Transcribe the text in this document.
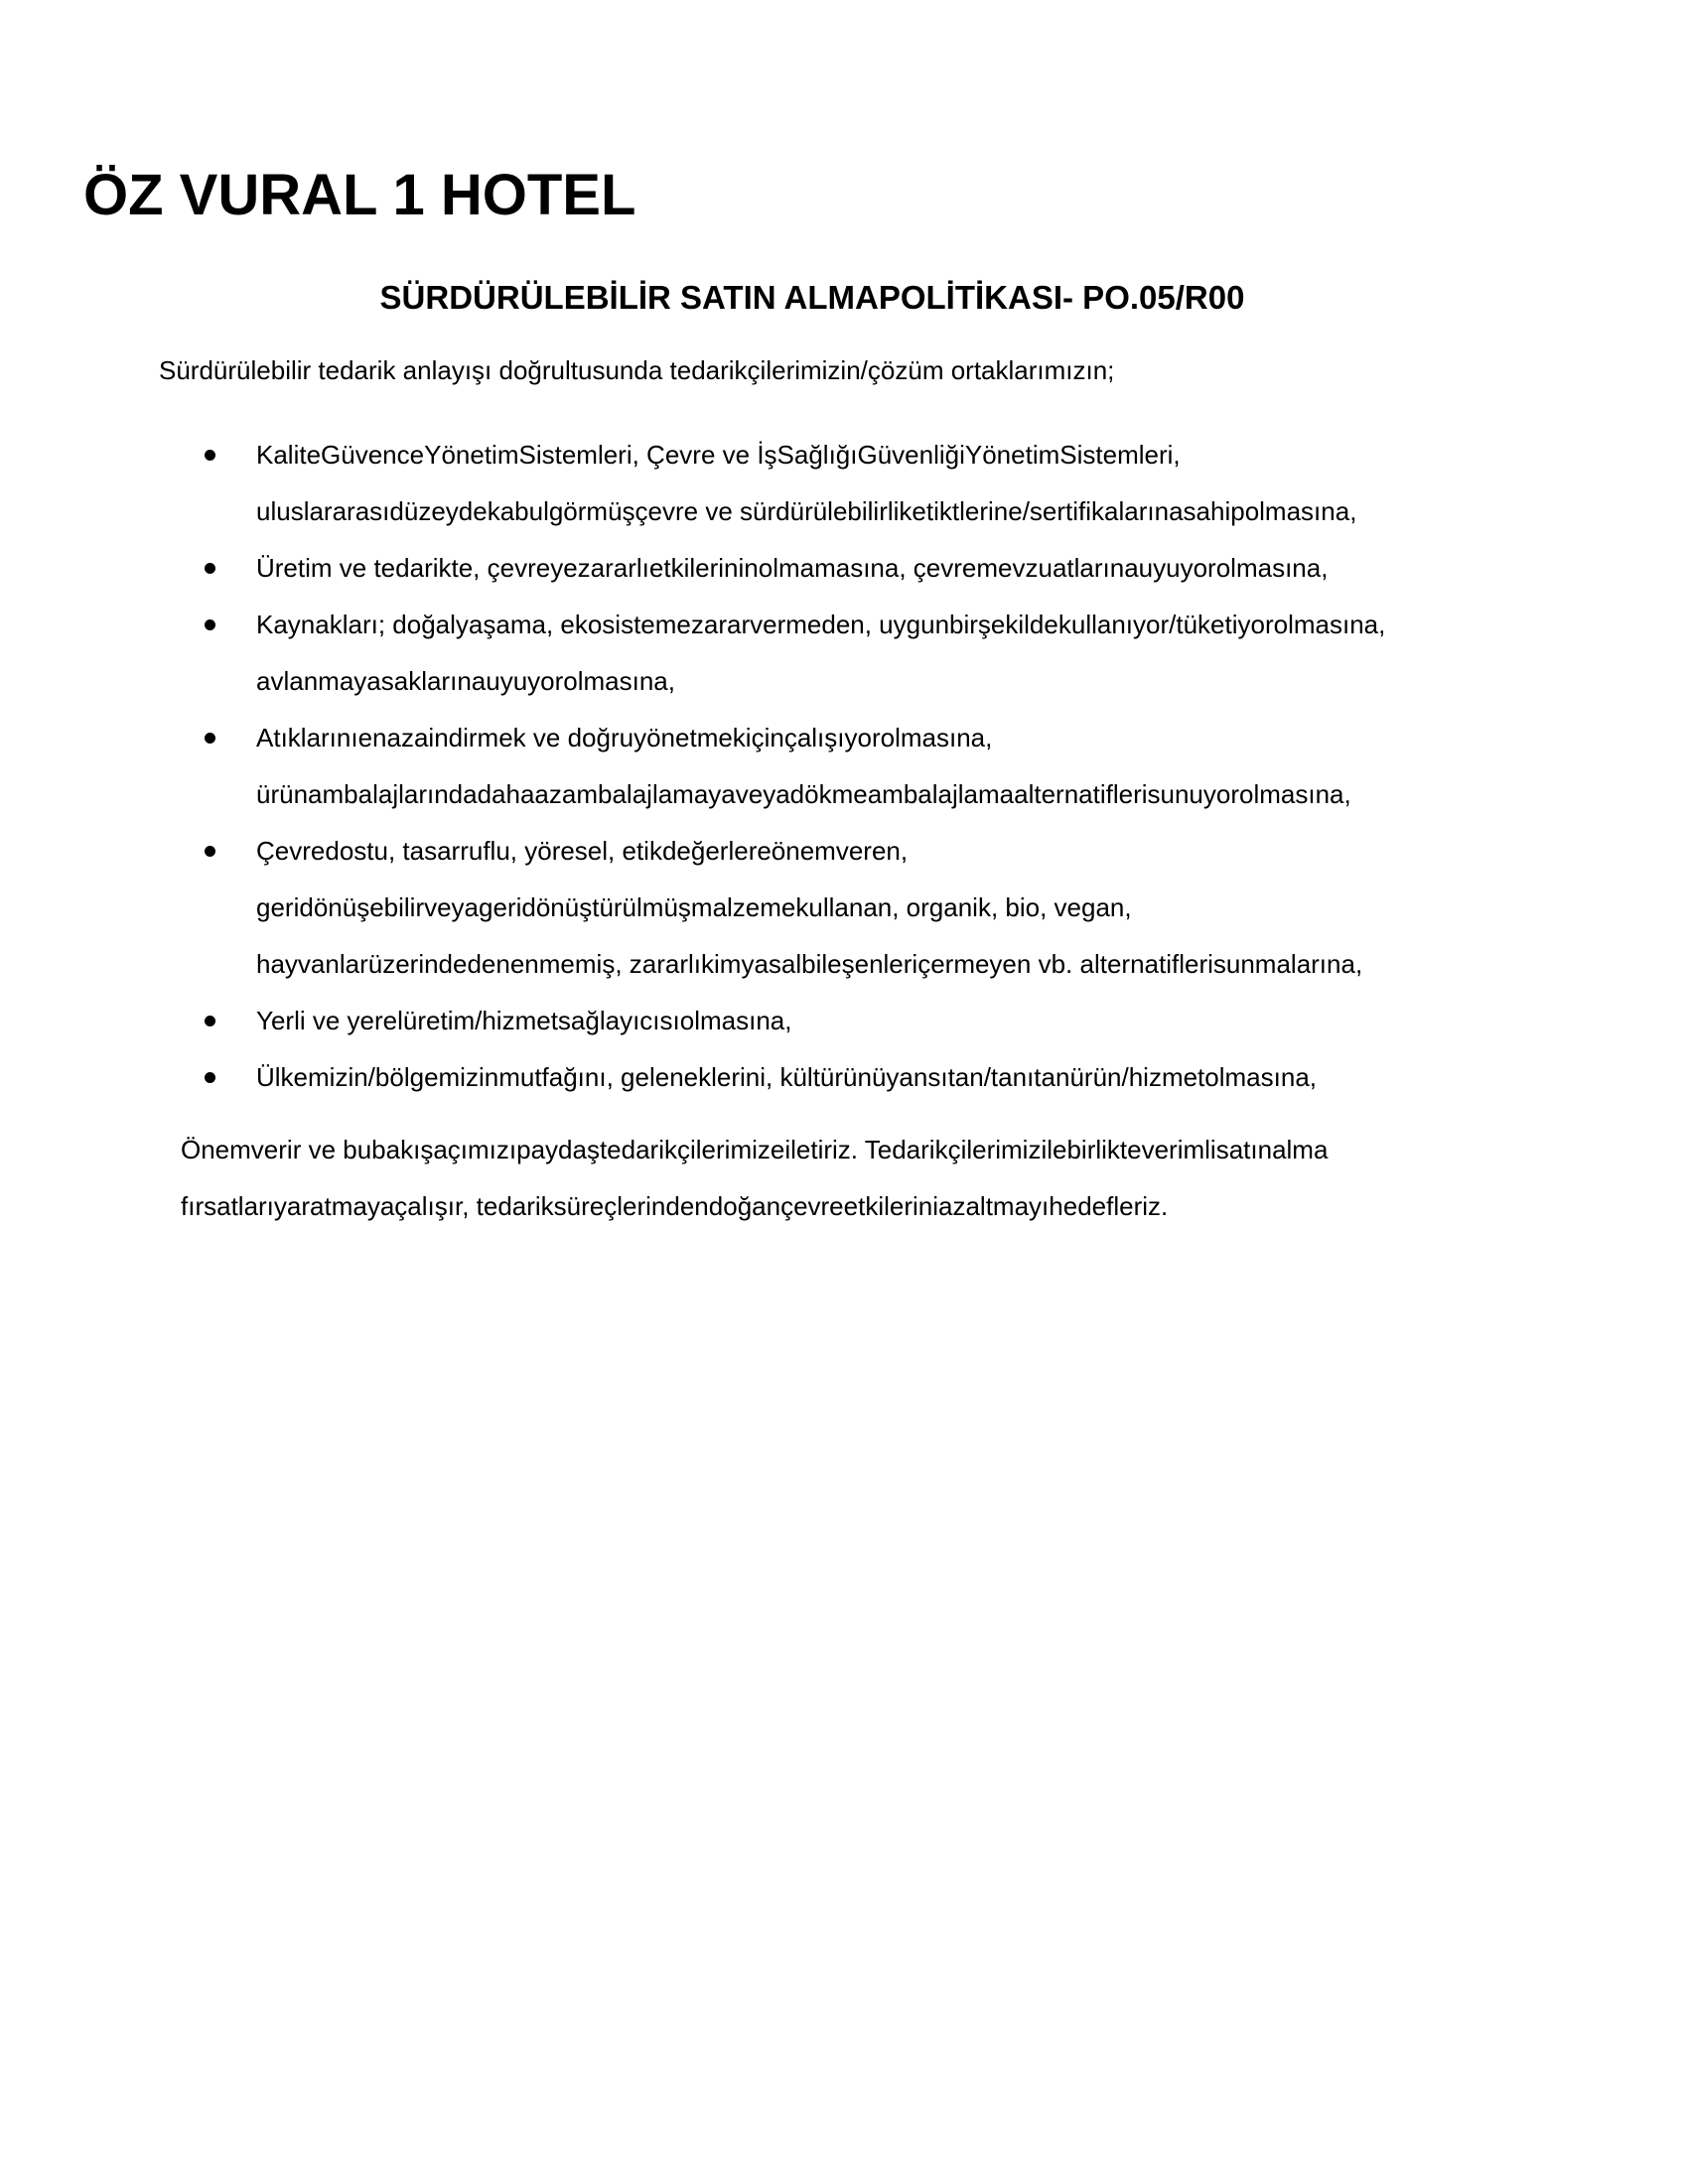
ÖZ VURAL 1 HOTEL
SÜRDÜRÜLEBİLİR SATIN ALMAPOLİTİKASI- PO.05/R00

Sürdürülebilir tedarik anlayışı doğrultusunda tedarikçilerimizin/çözüm ortaklarımızın;

KaliteGüvenceYönetimSistemleri, Çevre ve İşSağlığıGüvenliğiYönetimSistemleri,
uluslararasıdüzeydekabulgörmüşçevre ve sürdürülebilirliketiktlerine/sertifikalarınasahipolmasına,
Üretim ve tedarikte, çevreyezararlıetkilerininolmamasına, çevremevzuatlarınauyuyorolmasına,
Kaynakları; doğalyaşama, ekosistemezararvermeden, uygunbirşekildekullanıyor/tüketiyorolmasına,
avlanmayasaklarınauyuyorolmasına,
Atıklarınıenazaindirmek ve doğruyönetmekiçinçalışıyorolmasına,
ürünambalajlarındadahaazambalajlamayaveyadökmeambalajlamaalternatiflerisunuyorolmasına,
Çevredostu, tasarruflu, yöresel, etikdeğerlereönemveren,
geridönüşebilirveyageridönüştürülmüşmalzemekullanan, organik, bio, vegan,
hayvanlarüzerindedenenmemiş, zararlıkimyasalbileşenleriçermeyen vb. alternatiflerisunmalarına,
Yerli ve yerelüretim/hizmetsağlayıcısıolmasına,
Ülkemizin/bölgemizinmutfağını, geleneklerini, kültürünüyansıtan/tanıtanürün/hizmetolmasına,

Önemverir ve bubakışaçımızıpaydaştedarikçilerimizeiletiriz. Tedarikçilerimizilebirlikteverimlisatınalma
fırsatlarıyaratmayaçalışır, tedariksüreçlerindendoğançevreetkileriniazaltmayıhedefleriz.
